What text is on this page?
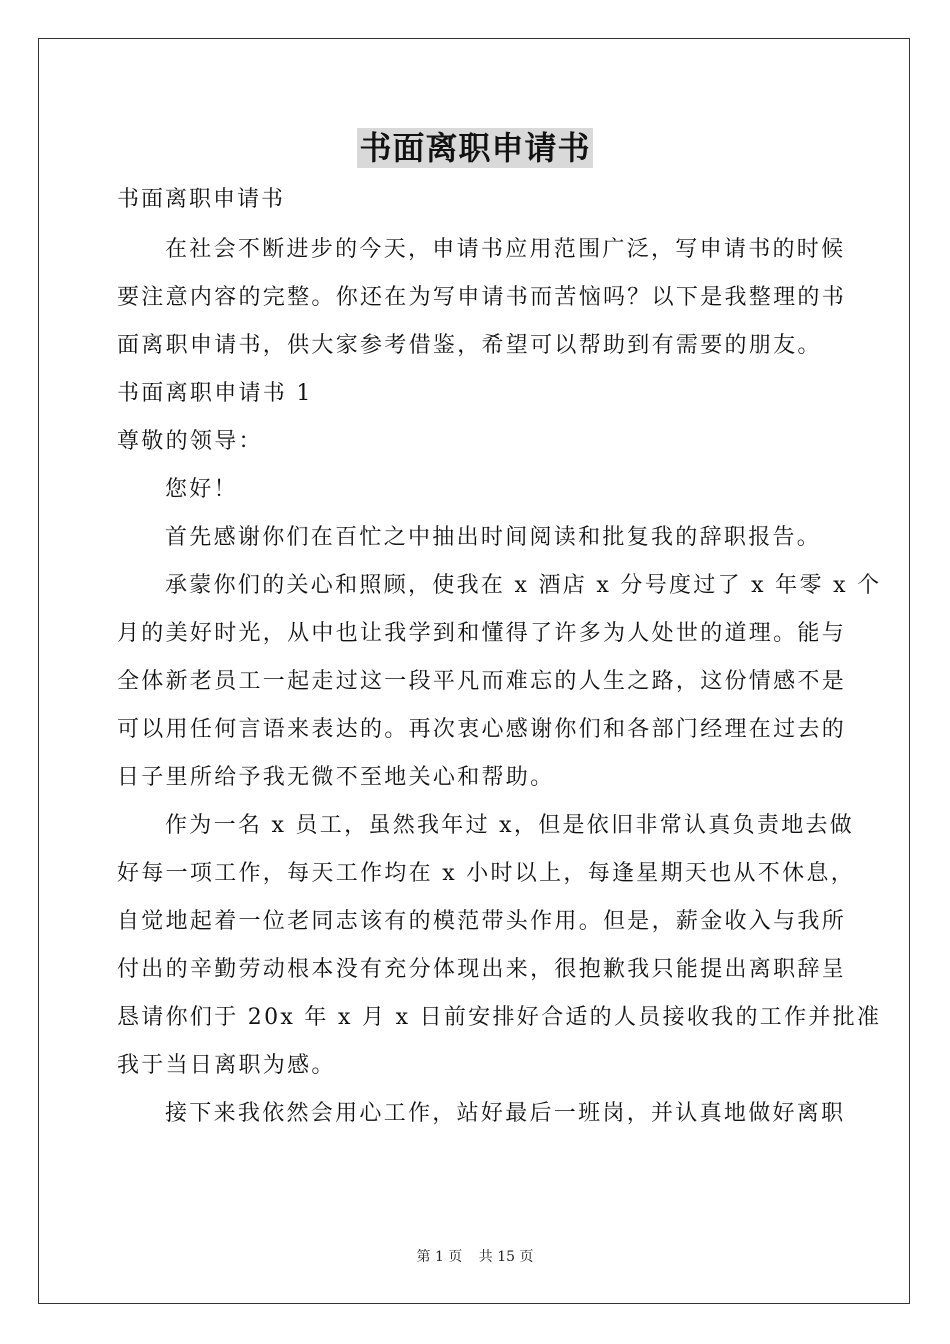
书面离职申请书
书面离职申请书
在社会不断进步的今天，申请书应用范围广泛，写申请书的时候
要注意内容的完整。你还在为写申请书而苦恼吗？以下是我整理的书
面离职申请书，供大家参考借鉴，希望可以帮助到有需要的朋友。
书面离职申请书 1
尊敬的领导：
您好！
首先感谢你们在百忙之中抽出时间阅读和批复我的辞职报告。
承蒙你们的关心和照顾，使我在 x 酒店 x 分号度过了 x 年零 x 个
月的美好时光，从中也让我学到和懂得了许多为人处世的道理。能与
全体新老员工一起走过这一段平凡而难忘的人生之路，这份情感不是
可以用任何言语来表达的。再次衷心感谢你们和各部门经理在过去的
日子里所给予我无微不至地关心和帮助。
作为一名 x 员工，虽然我年过 x，但是依旧非常认真负责地去做
好每一项工作，每天工作均在 x 小时以上，每逢星期天也从不休息，
自觉地起着一位老同志该有的模范带头作用。但是，薪金收入与我所
付出的辛勤劳动根本没有充分体现出来，很抱歉我只能提出离职辞呈
恳请你们于 20x 年 x 月 x 日前安排好合适的人员接收我的工作并批准
我于当日离职为感。
接下来我依然会用心工作，站好最后一班岗，并认真地做好离职
第 1 页 共 15 页
